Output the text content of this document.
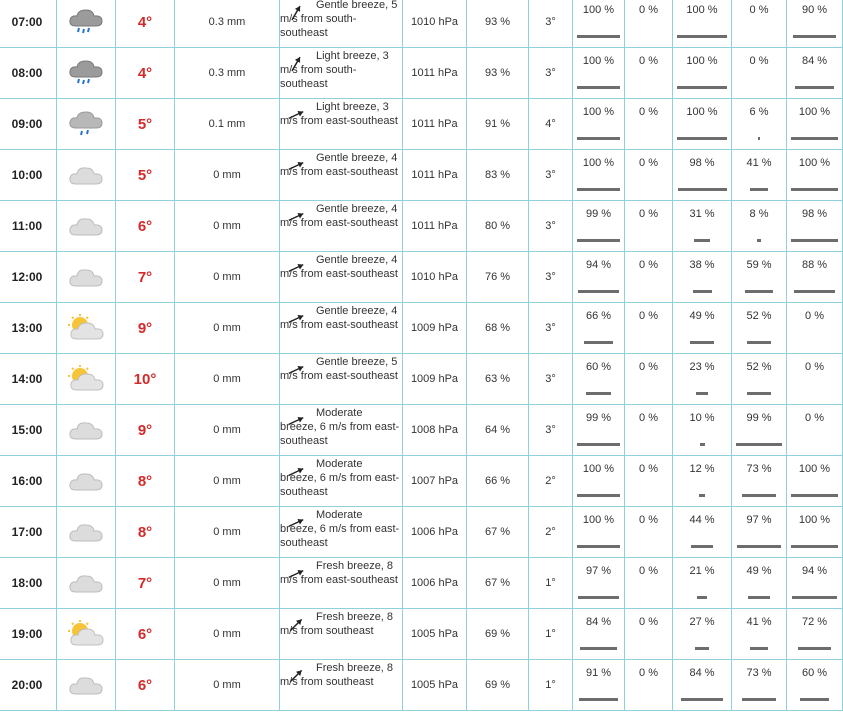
07:00		4°	0.3 mm	Gentle breeze, 5 m/s from south-southeast	1010 hPa	93 %	3°	100 %	0 %	100 %	0 %	90 %

08:00		4°	0.3 mm	Light breeze, 3 m/s from south-southeast	1011 hPa	93 %	3°	100 %	0 %	100 %	0 %	84 %

09:00		5°	0.1 mm	Light breeze, 3 m/s from east-southeast	1011 hPa	91 %	4°	100 %	0 %	100 %	6 %	100 %

10:00		5°	0 mm	Gentle breeze, 4 m/s from east-southeast	1011 hPa	83 %	3°	100 %	0 %	98 %	41 %	100 %

11:00		6°	0 mm	Gentle breeze, 4 m/s from east-southeast	1011 hPa	80 %	3°	99 %	0 %	31 %	8 %	98 %

12:00		7°	0 mm	Gentle breeze, 4 m/s from east-southeast	1010 hPa	76 %	3°	94 %	0 %	38 %	59 %	88 %

13:00		9°	0 mm	Gentle breeze, 4 m/s from east-southeast	1009 hPa	68 %	3°	66 %	0 %	49 %	52 %	0 %

14:00		10°	0 mm	Gentle breeze, 5 m/s from east-southeast	1009 hPa	63 %	3°	60 %	0 %	23 %	52 %	0 %

15:00		9°	0 mm	Moderate breeze, 6 m/s from east-southeast	1008 hPa	64 %	3°	99 %	0 %	10 %	99 %	0 %

16:00		8°	0 mm	Moderate breeze, 6 m/s from east-southeast	1007 hPa	66 %	2°	100 %	0 %	12 %	73 %	100 %

17:00		8°	0 mm	Moderate breeze, 6 m/s from east-southeast	1006 hPa	67 %	2°	100 %	0 %	44 %	97 %	100 %

18:00		7°	0 mm	Fresh breeze, 8 m/s from east-southeast	1006 hPa	67 %	1°	97 %	0 %	21 %	49 %	94 %

19:00		6°	0 mm	Fresh breeze, 8 m/s from southeast	1005 hPa	69 %	1°	84 %	0 %	27 %	41 %	72 %

20:00		6°	0 mm	Fresh breeze, 8 m/s from southeast	1005 hPa	69 %	1°	91 %	0 %	84 %	73 %	60 %
